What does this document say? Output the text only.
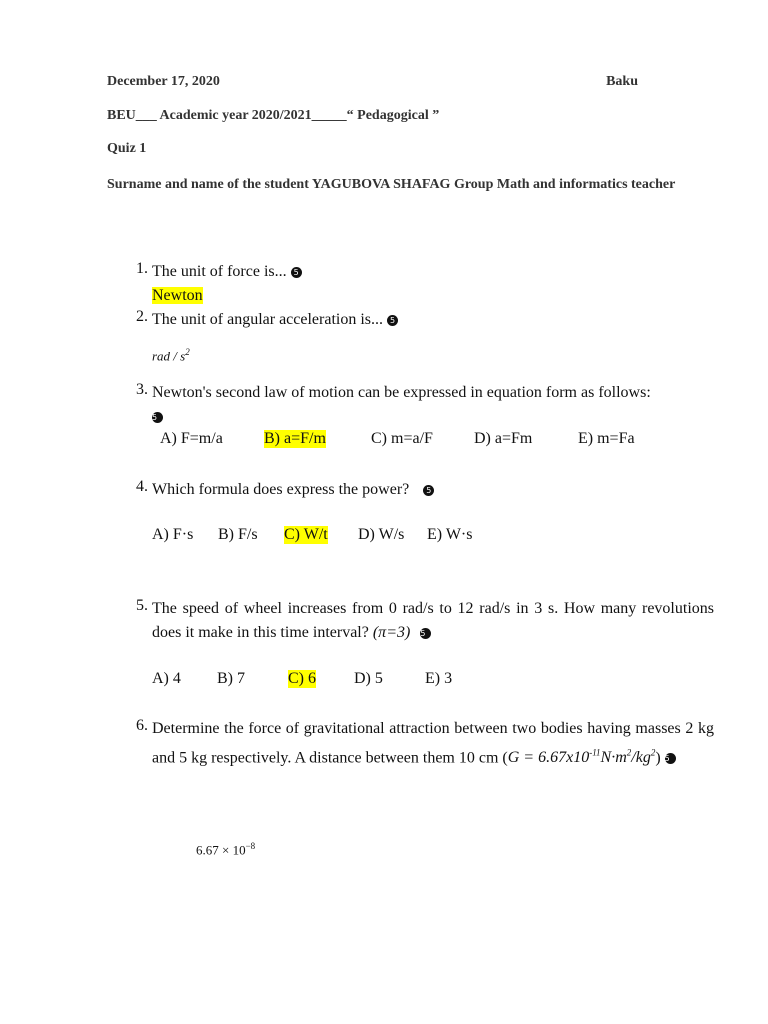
December 17, 2020	Baku
BEU___ Academic year 2020/2021_____“ Pedagogical ”
Quiz 1
Surname and name of the student YAGUBOVA SHAFAG Group Math and informatics teacher
1. The unit of force is... 5
Newton
2. The unit of angular acceleration is... 5
rad / $s^2$
3. Newton's second law of motion can be expressed in equation form as follows:
5
A) F=m/a	B) a=F/m	C) m=a/F	D) a=Fm	E) m=Fa
4. Which formula does express the power? 5
A) F·s B) F/s C) W/t D) W/s E) W·s
5. The speed of wheel increases from 0 rad/s to 12 rad/s in 3 s. How many revolutions does it make in this time interval? (π=3) 5
A) 4 B) 7	C) 6 D) 5	E) 3
6. Determine the force of gravitational attraction between two bodies having masses 2 kg and 5 kg respectively. A distance between them 10 cm $(G = 6.67x10^{-11}N\cdot m^2/kg^2)$ 5
$6.67 \times 10^{-8}$
